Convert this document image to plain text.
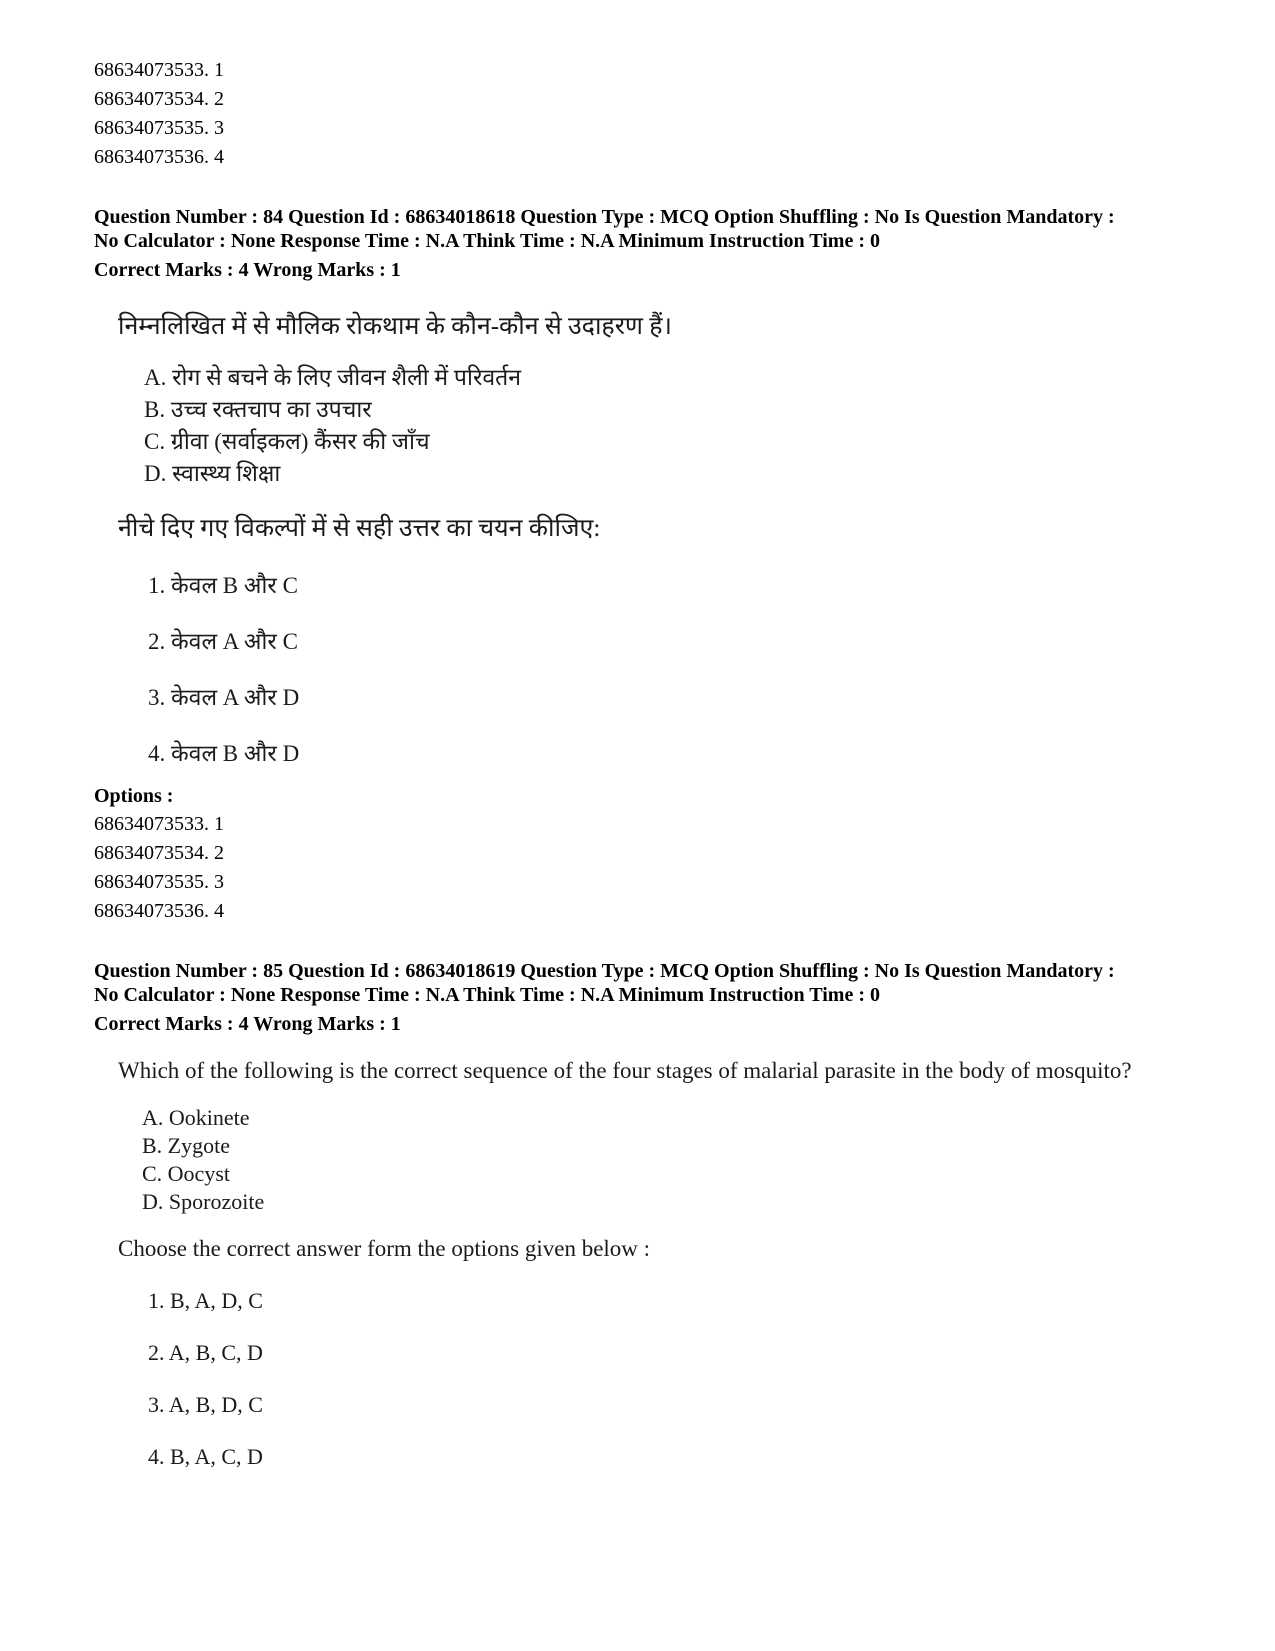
68634073533. 1
68634073534. 2
68634073535. 3
68634073536. 4
Question Number : 84 Question Id : 68634018618 Question Type : MCQ Option Shuffling : No Is Question Mandatory :
No Calculator : None Response Time : N.A Think Time : N.A Minimum Instruction Time : 0
Correct Marks : 4 Wrong Marks : 1
निम्नलिखित में से मौलिक रोकथाम के कौन-कौन से उदाहरण हैं।
A. रोग से बचने के लिए जीवन शैली में परिवर्तन
B. उच्च रक्तचाप का उपचार
C. ग्रीवा (सर्वाइकल) कैंसर की जाँच
D. स्वास्थ्य शिक्षा
नीचे दिए गए विकल्पों में से सही उत्तर का चयन कीजिए:
1. केवल B और C
2. केवल A और C
3. केवल A और D
4. केवल B और D
Options :
68634073533. 1
68634073534. 2
68634073535. 3
68634073536. 4
Question Number : 85 Question Id : 68634018619 Question Type : MCQ Option Shuffling : No Is Question Mandatory :
No Calculator : None Response Time : N.A Think Time : N.A Minimum Instruction Time : 0
Correct Marks : 4 Wrong Marks : 1
Which of the following is the correct sequence of the four stages of malarial parasite in the body of mosquito?
A. Ookinete
B. Zygote
C. Oocyst
D. Sporozoite
Choose the correct answer form the options given below :
1. B, A, D, C
2. A, B, C, D
3. A, B, D, C
4. B, A, C, D
